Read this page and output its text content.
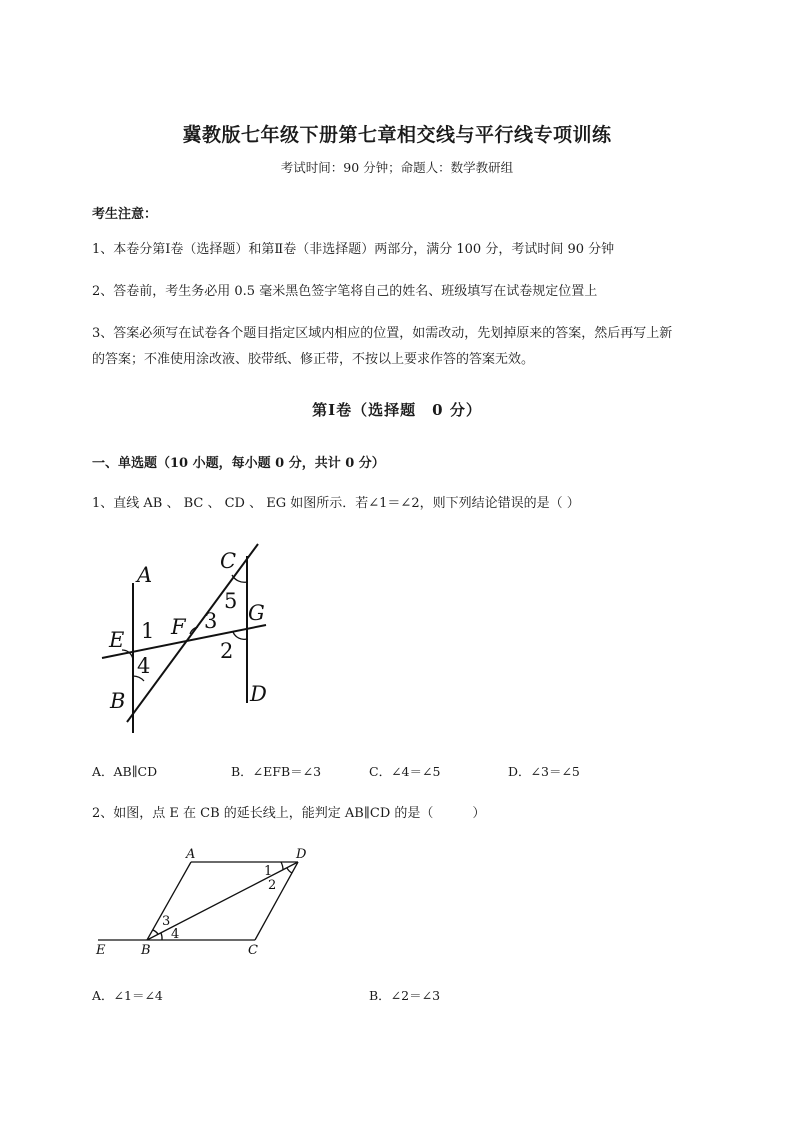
冀教版七年级下册第七章相交线与平行线专项训练
考试时间：90 分钟；命题人：数学教研组
考生注意：
1、本卷分第Ⅰ卷（选择题）和第Ⅱ卷（非选择题）两部分，满分 100 分，考试时间 90 分钟
2、答卷前，考生务必用 0.5 毫米黑色签字笔将自己的姓名、班级填写在试卷规定位置上
3、答案必须写在试卷各个题目指定区域内相应的位置，如需改动，先划掉原来的答案，然后再写上新
的答案；不准使用涂改液、胶带纸、修正带，不按以上要求作答的答案无效。
第Ⅰ卷（选择题　0 分）
一、单选题（10 小题，每小题 0 分，共计 0 分）
1、直线 AB 、 BC 、 CD 、 EG 如图所示．若∠1＝∠2，则下列结论错误的是（ ）
A
B
C
D
E
F
G
1
2
3
4
5
A．AB∥CD	B．∠EFB＝∠3	C．∠4＝∠5	D．∠3＝∠5
2、如图，点 E 在 CB 的延长线上，能判定 AB∥CD 的是（　　　）
A
B	C
D
E
1
2
3
4
A．∠1＝∠4	B．∠2＝∠3
